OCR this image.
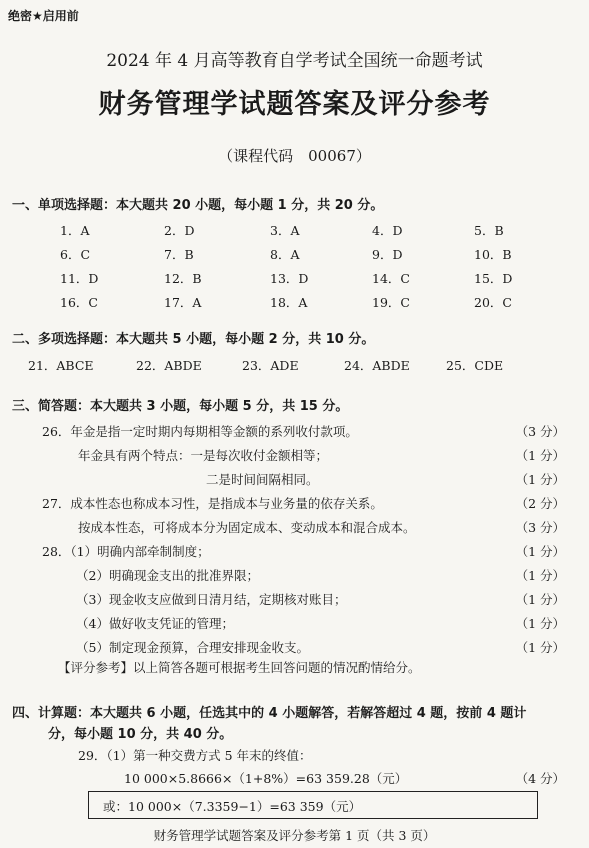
绝密★启用前
2024 年 4 月高等教育自学考试全国统一命题考试
财务管理学试题答案及评分参考
（课程代码　00067）
一、单项选择题：本大题共 20 小题，每小题 1 分，共 20 分。
1．A	2．D	3．A	4．D	5．B
6．C	7．B	8．A	9．D	10．B
11．D	12．B	13．D	14．C	15．D
16．C	17．A	18．A	19．C	20．C
二、多项选择题：本大题共 5 小题，每小题 2 分，共 10 分。
21．ABCE	22．ABDE	23．ADE	24．ABDE	25．CDE
三、简答题：本大题共 3 小题，每小题 5 分，共 15 分。
26．年金是指一定时期内每期相等金额的系列收付款项。	（3 分）
年金具有两个特点：一是每次收付金额相等；	（1 分）
二是时间间隔相同。	（1 分）
27．成本性态也称成本习性，是指成本与业务量的依存关系。	（2 分）
按成本性态，可将成本分为固定成本、变动成本和混合成本。	（3 分）
28．（1）明确内部牵制制度；	（1 分）
（2）明确现金支出的批准界限；	（1 分）
（3）现金收支应做到日清月结，定期核对账目；	（1 分）
（4）做好收支凭证的管理；	（1 分）
（5）制定现金预算，合理安排现金收支。	（1 分）
【评分参考】以上简答各题可根据考生回答问题的情况酌情给分。
四、计算题：本大题共 6 小题，任选其中的 4 小题解答，若解答超过 4 题，按前 4 题计
分，每小题 10 分，共 40 分。
29．（1）第一种交费方式 5 年末的终值：
10 000×5.8666×（1+8%）=63 359.28（元）	（4 分）
或：10 000×（7.3359−1）=63 359（元）
财务管理学试题答案及评分参考第 1 页（共 3 页）
